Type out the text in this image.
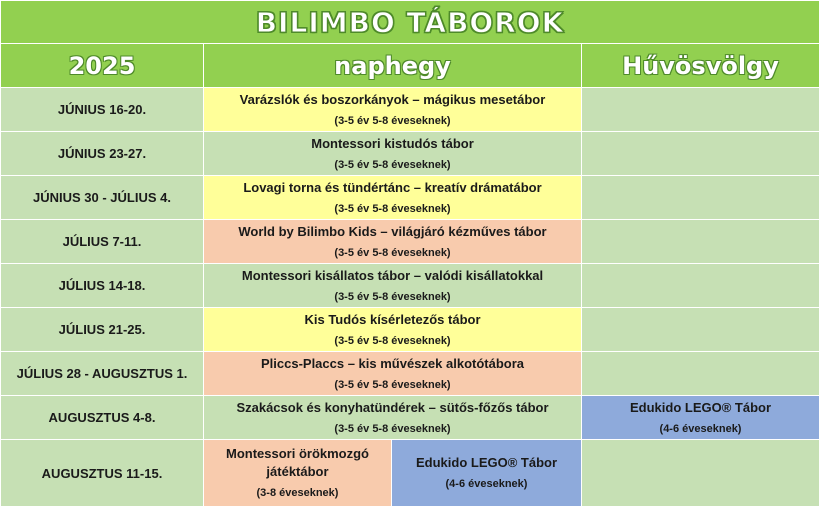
BILIMBO TÁBOROK			
2025	naphegy		Hűvösvölgy
JÚNIUS 16-20.	Varázslók és boszorkányok – mágikus mesetábor
(3-5 év 5-8 éveseknek)		

JÚNIUS 23-27.	Montessori kistudós tábor
(3-5 év 5-8 éveseknek)		

JÚNIUS 30 - JÚLIUS 4.	Lovagi torna és tündértánc – kreatív drámatábor
(3-5 év 5-8 éveseknek)		

JÚLIUS 7-11.	World by Bilimbo Kids – világjáró kézműves tábor
(3-5 év 5-8 éveseknek)		

JÚLIUS 14-18.	Montessori kisállatos tábor – valódi kisállatokkal
(3-5 év 5-8 éveseknek)		

JÚLIUS 21-25.	Kis Tudós kísérletezős tábor
(3-5 év 5-8 éveseknek)		

JÚLIUS 28 - AUGUSZTUS 1.	Pliccs-Placcs – kis művészek alkotótábora
(3-5 év 5-8 éveseknek)		

AUGUSZTUS 4-8.	Szakácsok és konyhatündérek – sütős-főzős tábor
(3-5 év 5-8 éveseknek)		Edukido LEGO® Tábor
(4-6 éveseknek)

AUGUSZTUS 11-15.	Montessori örökmozgó játéktábor
(3-8 éveseknek)	Edukido LEGO® Tábor
(4-6 éveseknek)	
